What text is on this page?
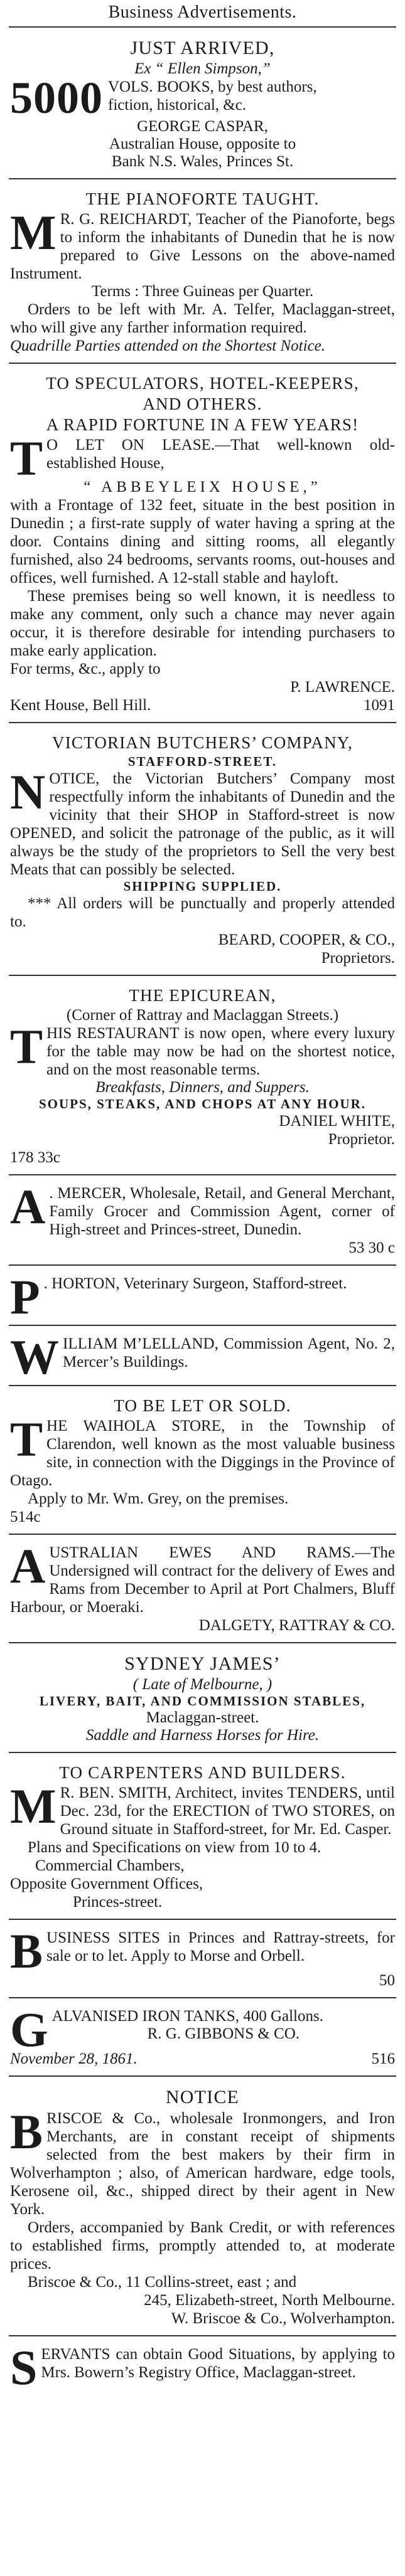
Business Advertisements.
JUST ARRIVED,
Ex “ Ellen Simpson,”
5000 VOLS. BOOKS, by best authors,
fiction, historical, &c.
GEORGE CASPAR,
Australian House, opposite to
Bank N.S. Wales, Princes St.
THE PIANOFORTE TAUGHT.
M R. G. REICHARDT, Teacher of the Pianoforte, begs to inform the inhabitants of Dunedin that he is now prepared to Give Lessons on the above-named Instrument.

Terms : Three Guineas per Quarter.

Orders to be left with Mr. A. Telfer, Maclaggan-street, who will give any farther information required.

Quadrille Parties attended on the Shortest Notice.
TO SPECULATORS, HOTEL-KEEPERS,
AND OTHERS.
A RAPID FORTUNE IN A FEW YEARS!
T O LET ON LEASE.—That well-known old-established House,

“ ABBEYLEIX HOUSE,”

with a Frontage of 132 feet, situate in the best position in Dunedin ; a first-rate supply of water having a spring at the door. Contains dining and sitting rooms, all elegantly furnished, also 24 bedrooms, servants rooms, out-houses and offices, well furnished. A 12-stall stable and hayloft.

These premises being so well known, it is needless to make any comment, only such a chance may never again occur, it is therefore desirable for intending purchasers to make early application.

For terms, &c., apply to
P. LAWRENCE.
Kent House, Bell Hill.	1091
VICTORIAN BUTCHERS’ COMPANY,
STAFFORD-STREET.
N OTICE, the Victorian Butchers’ Company most respectfully inform the inhabitants of Dunedin and the vicinity that their SHOP in Stafford-street is now OPENED, and solicit the patronage of the public, as it will always be the study of the proprietors to Sell the very best Meats that can possibly be selected.

SHIPPING SUPPLIED.

*** All orders will be punctually and properly attended to.

BEARD, COOPER, & CO.,
Proprietors.
THE EPICUREAN,
(Corner of Rattray and Maclaggan Streets.)
T HIS RESTAURANT is now open, where every luxury for the table may now be had on the shortest notice, and on the most reasonable terms.

Breakfasts, Dinners, and Suppers.
SOUPS, STEAKS, AND CHOPS AT ANY HOUR.
DANIEL WHITE,
Proprietor.
178 33c
A . MERCER, Wholesale, Retail, and General Merchant, Family Grocer and Commission Agent, corner of High-street and Princes-street, Dunedin.

53 30 c
P . HORTON, Veterinary Surgeon, Stafford-street.

W ILLIAM M’LELLAND, Commission Agent, No. 2, Mercer’s Buildings.

TO BE LET OR SOLD.
T HE WAIHOLA STORE, in the Township of Clarendon, well known as the most valuable business site, in connection with the Diggings in the Province of Otago.

Apply to Mr. Wm. Grey, on the premises.

514c
A USTRALIAN EWES AND RAMS.—The Undersigned will contract for the delivery of Ewes and Rams from December to April at Port Chalmers, Bluff Harbour, or Moeraki.

DALGETY, RATTRAY & CO.
SYDNEY JAMES’
( Late of Melbourne, )
LIVERY, BAIT, AND COMMISSION STABLES,
Maclaggan-street.
Saddle and Harness Horses for Hire.
TO CARPENTERS AND BUILDERS.
M R. BEN. SMITH, Architect, invites TENDERS, until Dec. 23d, for the ERECTION of TWO STORES, on Ground situate in Stafford-street, for Mr. Ed. Casper.

Plans and Specifications on view from 10 to 4.

Commercial Chambers,
Opposite Government Offices,
Princes-street.
B USINESS SITES in Princes and Rattray-streets, for sale or to let. Apply to Morse and Orbell.

50
G ALVANISED IRON TANKS, 400 Gallons.

R. G. GIBBONS & CO.
November 28, 1861.	516
NOTICE
B RISCOE & Co., wholesale Ironmongers, and Iron Merchants, are in constant receipt of shipments selected from the best makers by their firm in Wolverhampton ; also, of American hardware, edge tools, Kerosene oil, &c., shipped direct by their agent in New York.

Orders, accompanied by Bank Credit, or with references to established firms, promptly attended to, at moderate prices.

Briscoe & Co., 11 Collins-street, east ; and
245, Elizabeth-street, North Melbourne.
W. Briscoe & Co., Wolverhampton.
S ERVANTS can obtain Good Situations, by applying to Mrs. Bowern’s Registry Office, Maclaggan-street.
